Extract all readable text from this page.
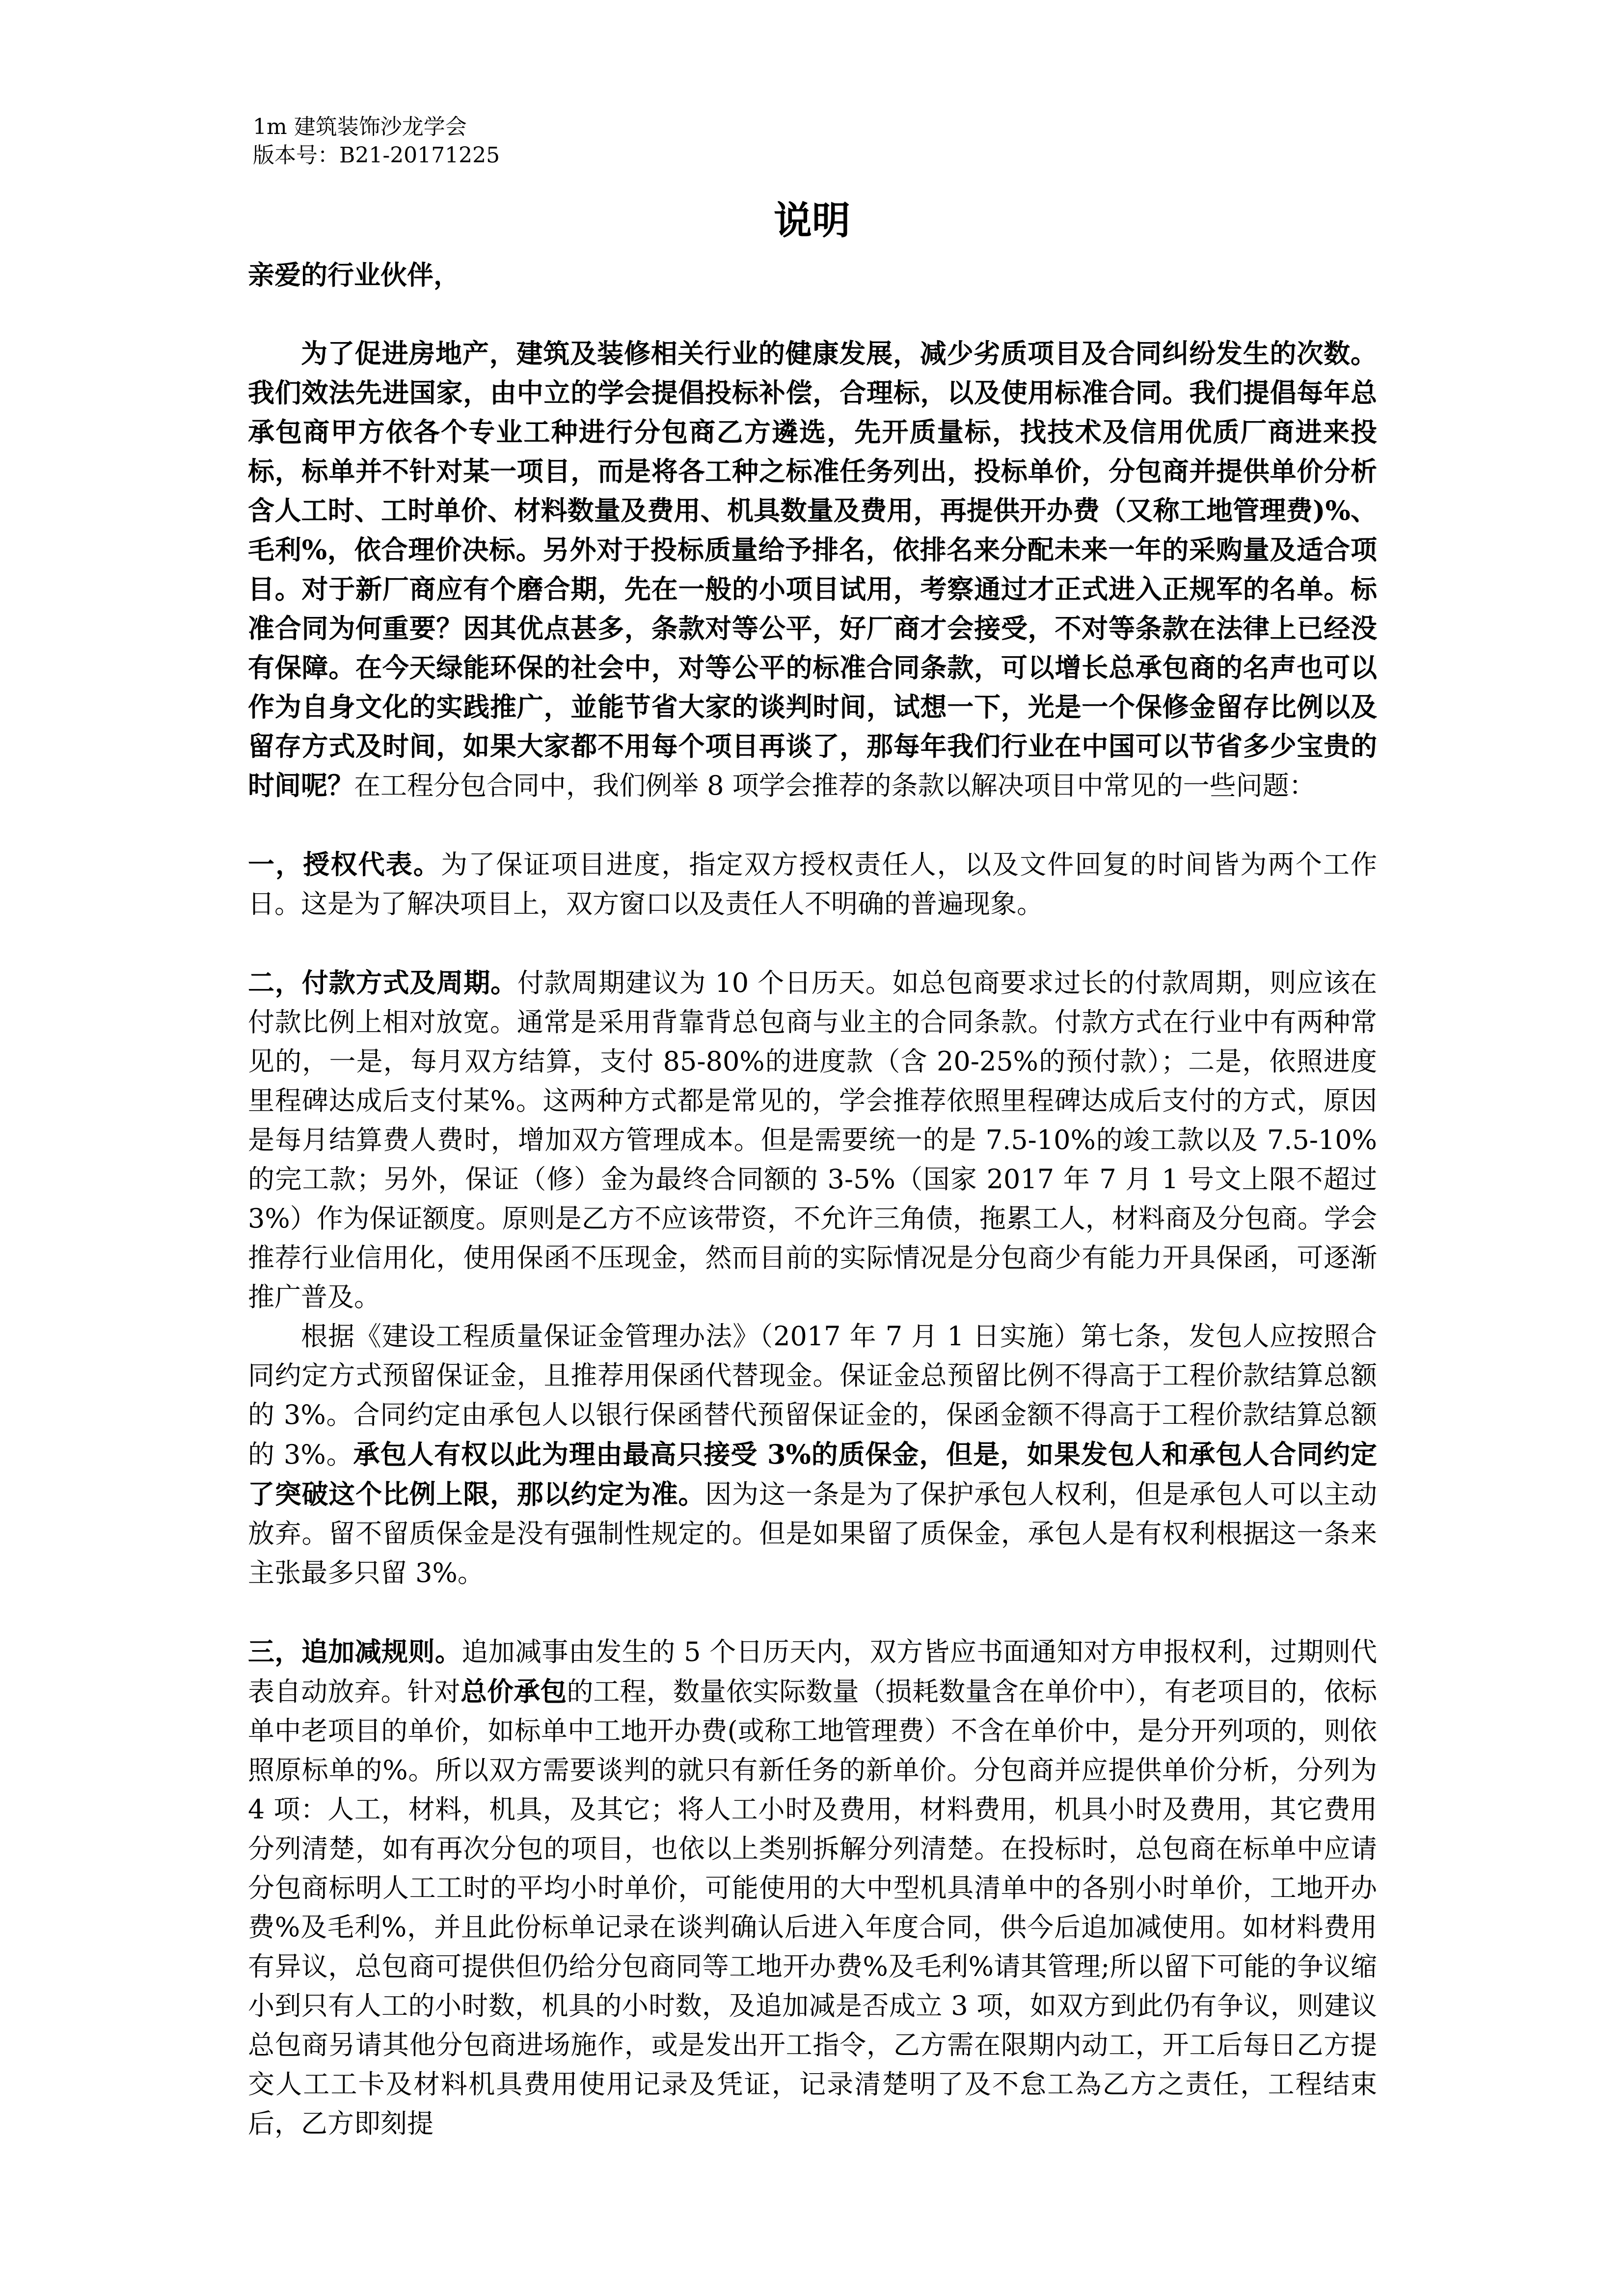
1m 建筑装饰沙龙学会
版本号：B21-20171225
说明

亲爱的行业伙伴，

为了促进房地产，建筑及装修相关行业的健康发展，减少劣质项目及合同纠纷发生的次数。我们效法先进国家，由中立的学会提倡投标补偿，合理标，以及使用标准合同。我们提倡每年总承包商甲方依各个专业工种进行分包商乙方遴选，先开质量标，找技术及信用优质厂商进来投标，标单并不针对某一项目，而是将各工种之标准任务列出，投标单价，分包商并提供单价分析含人工时、工时单价、材料数量及费用、机具数量及费用，再提供开办费（又称工地管理费)%、毛利%，依合理价决标。另外对于投标质量给予排名，依排名来分配未来一年的采购量及适合项目。对于新厂商应有个磨合期，先在一般的小项目试用，考察通过才正式进入正规军的名单。标准合同为何重要？因其优点甚多，条款对等公平，好厂商才会接受，不对等条款在法律上已经没有保障。在今天绿能环保的社会中，对等公平的标准合同条款，可以增长总承包商的名声也可以作为自身文化的实践推广，並能节省大家的谈判时间，试想一下，光是一个保修金留存比例以及留存方式及时间，如果大家都不用每个项目再谈了，那每年我们行业在中国可以节省多少宝贵的时间呢？在工程分包合同中，我们例举 8 项学会推荐的条款以解决项目中常见的一些问题：

一，授权代表。为了保证项目进度，指定双方授权责任人，以及文件回复的时间皆为两个工作日。这是为了解决项目上，双方窗口以及责任人不明确的普遍现象。

二，付款方式及周期。付款周期建议为 10 个日历天。如总包商要求过长的付款周期，则应该在付款比例上相对放宽。通常是采用背靠背总包商与业主的合同条款。付款方式在行业中有两种常见的，一是，每月双方结算，支付 85-80%的进度款（含 20-25%的预付款）；二是，依照进度里程碑达成后支付某%。这两种方式都是常见的，学会推荐依照里程碑达成后支付的方式，原因是每月结算费人费时，增加双方管理成本。但是需要统一的是 7.5-10%的竣工款以及 7.5-10%的完工款；另外，保证（修）金为最终合同额的 3-5%（国家 2017 年 7 月 1 号文上限不超过 3%）作为保证额度。原则是乙方不应该带资，不允许三角债，拖累工人，材料商及分包商。学会推荐行业信用化，使用保函不压现金，然而目前的实际情况是分包商少有能力开具保函，可逐渐推广普及。

根据《建设工程质量保证金管理办法》（2017 年 7 月 1 日实施）第七条，发包人应按照合同约定方式预留保证金，且推荐用保函代替现金。保证金总预留比例不得高于工程价款结算总额的 3%。合同约定由承包人以银行保函替代预留保证金的，保函金额不得高于工程价款结算总额的 3%。承包人有权以此为理由最高只接受 3%的质保金，但是，如果发包人和承包人合同约定了突破这个比例上限，那以约定为准。因为这一条是为了保护承包人权利，但是承包人可以主动放弃。留不留质保金是没有强制性规定的。但是如果留了质保金，承包人是有权利根据这一条来主张最多只留 3%。

三，追加减规则。追加减事由发生的 5 个日历天内，双方皆应书面通知对方申报权利，过期则代表自动放弃。针对总价承包的工程，数量依实际数量（损耗数量含在单价中），有老项目的，依标单中老项目的单价，如标单中工地开办费(或称工地管理费）不含在单价中，是分开列项的，则依照原标单的%。所以双方需要谈判的就只有新任务的新单价。分包商并应提供单价分析，分列为 4 项：人工，材料，机具，及其它；将人工小时及费用，材料费用，机具小时及费用，其它费用分列清楚，如有再次分包的项目，也依以上类别拆解分列清楚。在投标时，总包商在标单中应请分包商标明人工工时的平均小时单价，可能使用的大中型机具清单中的各别小时单价，工地开办费%及毛利%，并且此份标单记录在谈判确认后进入年度合同，供今后追加减使用。如材料费用有异议，总包商可提供但仍给分包商同等工地开办费%及毛利%请其管理;所以留下可能的争议缩小到只有人工的小时数，机具的小时数，及追加减是否成立 3 项，如双方到此仍有争议，则建议总包商另请其他分包商进场施作，或是发出开工指令，乙方需在限期内动工，开工后每日乙方提交人工工卡及材料机具费用使用记录及凭证，记录清楚明了及不怠工為乙方之责任，工程结束后，乙方即刻提
